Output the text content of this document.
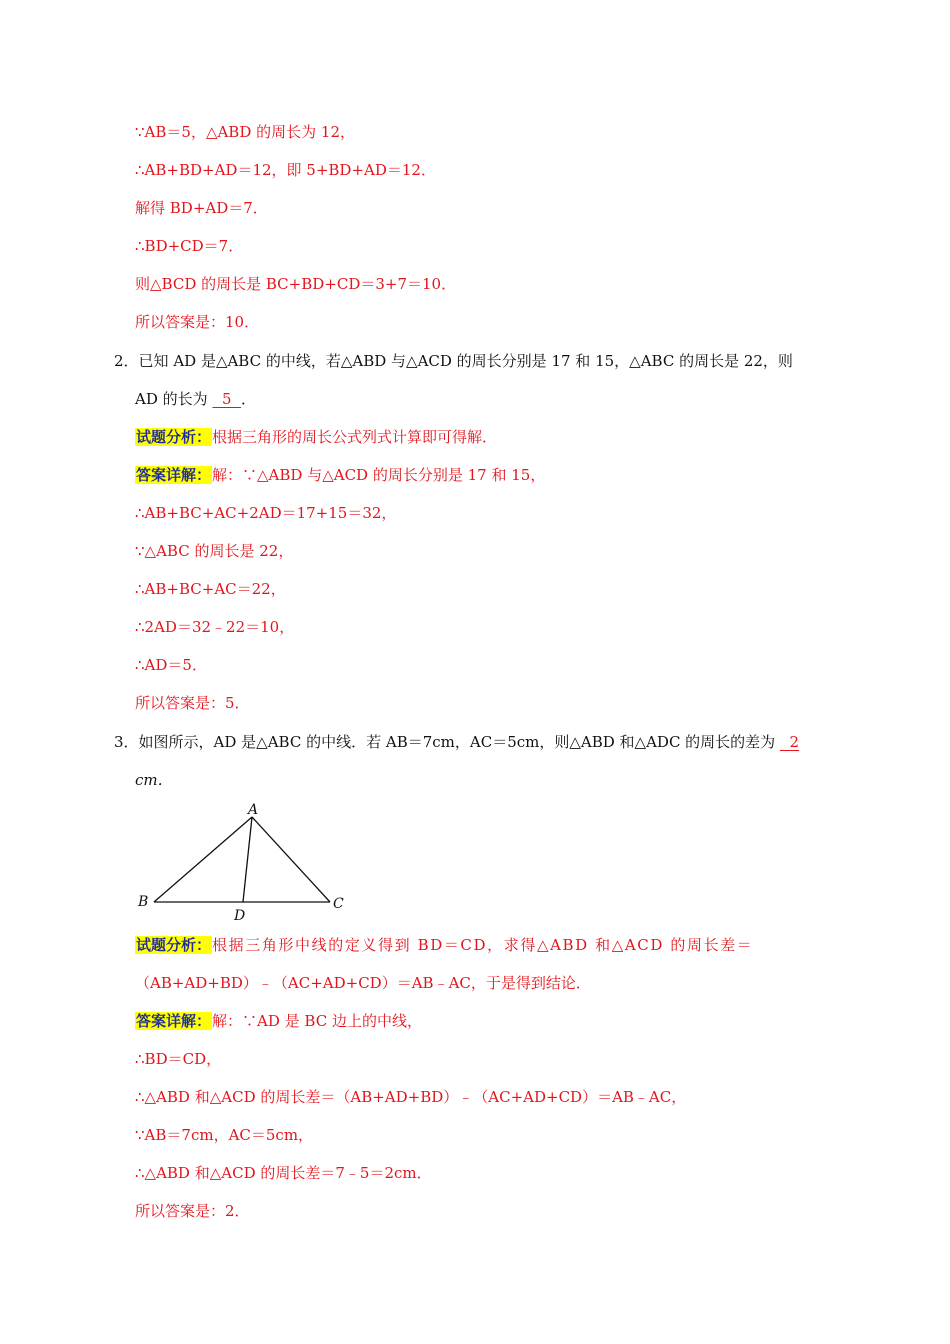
∵AB＝5，△ABD 的周长为 12，
∴AB+BD+AD＝12，即 5+BD+AD＝12．
解得 BD+AD＝7．
∴BD+CD＝7．
则△BCD 的周长是 BC+BD+CD＝3+7＝10．
所以答案是：10．
2．已知 AD 是△ABC 的中线，若△ABD 与△ACD 的周长分别是 17 和 15，△ABC 的周长是 22，则
AD 的长为   5  ．
试题分析：根据三角形的周长公式列式计算即可得解．
答案详解：解：∵△ABD 与△ACD 的周长分别是 17 和 15，
∴AB+BC+AC+2AD＝17+15＝32，
∵△ABC 的周长是 22，
∴AB+BC+AC＝22，
∴2AD＝32﹣22＝10，
∴AD＝5．
所以答案是：5．
3．如图所示，AD 是△ABC 的中线．若 AB＝7cm，AC＝5cm，则△ABD 和△ADC 的周长的差为   2
cm．
A
B	C
D
试题分析：根据三角形中线的定义得到 BD＝CD，求得△ABD 和△ACD 的周长差＝
（AB+AD+BD）﹣（AC+AD+CD）＝AB﹣AC，于是得到结论．
答案详解：解：∵AD 是 BC 边上的中线，
∴BD＝CD，
∴△ABD 和△ACD 的周长差＝（AB+AD+BD）﹣（AC+AD+CD）＝AB﹣AC，
∵AB＝7cm，AC＝5cm，
∴△ABD 和△ACD 的周长差＝7﹣5＝2cm．
所以答案是：2．
